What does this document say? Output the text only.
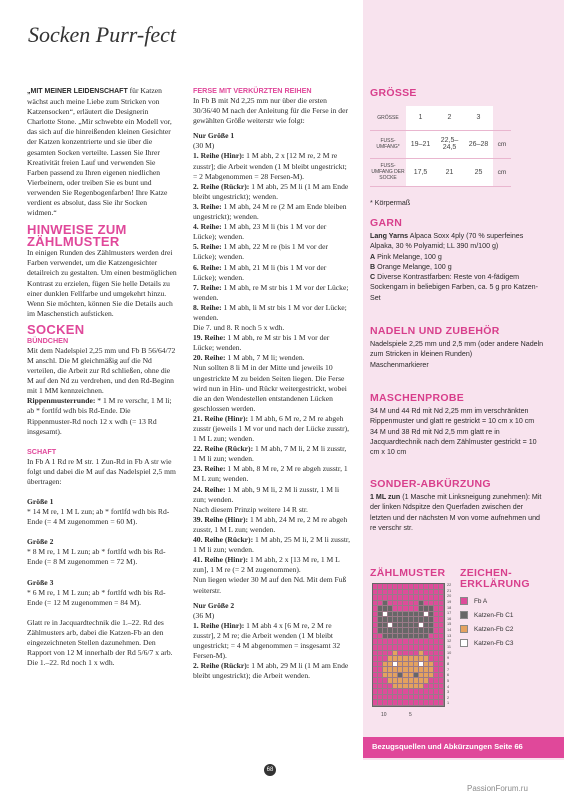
Socken Purr-fect

„MIT MEINER LEIDENSCHAFT für Katzen wächst auch meine Liebe zum Stricken von Katzensocken“, erläutert die Designerin Charlotte Stone. „Mir schwebte ein Modell vor, das sich auf die hinreißenden kleinen Gesichter der Katzen konzentrierte und sie über die gesamten Socken verteilte. Lassen Sie Ihrer Kreativität freien Lauf und verwenden Sie Farben passend zu Ihren eigenen niedlichen Vierbeinern, oder treiben Sie es bunt und verwenden Sie Regenbogenfarben! Ihre Katze verdient es absolut, dass Sie ihr Socken widmen.“

HINWEISE ZUM ZÄHLMUSTER

In einigen Runden des Zählmusters werden drei Farben verwendet, um die Katzengesichter detailreich zu gestalten. Um einen bestmöglichen Kontrast zu erzielen, fügen Sie helle Details zu einer dunklen Fellfarbe und umgekehrt hinzu. Wenn Sie möchten, können Sie die Details auch im Maschenstich aufsticken.

SOCKEN
BÜNDCHEN

Mit dem Nadelspiel 2,25 mm und Fb B 56/64/72 M anschl. Die M gleichmäßig auf die Nd verteilen, die Arbeit zur Rd schließen, ohne die M auf den Nd zu verdrehen, und den Rd-Beginn mit 1 MM kennzeichnen.

Rippenmusterrunde: * 1 M re verschr, 1 M li; ab * fortlfd wdh bis Rd-Ende. Die Rippenmuster-Rd noch 12 x wdh (= 13 Rd insgesamt).

SCHAFT

In Fb A 1 Rd re M str. 1 Zun-Rd in Fb A str wie folgt und dabei die M auf das Nadelspiel 2,5 mm übertragen:

Größe 1

* 14 M re, 1 M L zun; ab * fortlfd wdh bis Rd-Ende (= 4 M zugenommen = 60 M).

Größe 2

* 8 M re, 1 M L zun; ab * fortlfd wdh bis Rd-Ende (= 8 M zugenommen = 72 M).

Größe 3

* 6 M re, 1 M L zun; ab * fortlfd wdh bis Rd-Ende (= 12 M zugenommen = 84 M).

Glatt re in Jacquardtechnik die 1.–22. Rd des Zählmusters arb, dabei die Katzen-Fb an den eingezeichneten Stellen dazunehmen. Den Rapport von 12 M innerhalb der Rd 5/6/7 x arb. Die 1.–22. Rd noch 1 x wdh.

FERSE MIT VERKÜRZTEN REIHEN

In Fb B mit Nd 2,25 mm nur über die ersten 30/36/40 M nach der Anleitung für die Ferse in der gewählten Größe weiterstr wie folgt:

Nur Größe 1

(30 M)

1. Reihe (Hinr): 1 M abh, 2 x [12 M re, 2 M re zusstr]; die Arbeit wenden (1 M bleibt ungestrickt; = 2 Mabgenommen = 28 Fersen-M).

2. Reihe (Rückr): 1 M abh, 25 M li (1 M am Ende bleibt ungestrickt); wenden.

3. Reihe: 1 M abh, 24 M re (2 M am Ende bleiben ungestrickt); wenden.

4. Reihe: 1 M abh, 23 M li (bis 1 M vor der Lücke); wenden.

5. Reihe: 1 M abh, 22 M re (bis 1 M vor der Lücke); wenden.

6. Reihe: 1 M abh, 21 M li (bis 1 M vor der Lücke); wenden.

7. Reihe: 1 M abh, re M str bis 1 M vor der Lücke; wenden.

8. Reihe: 1 M abh, li M str bis 1 M vor der Lücke; wenden.

Die 7. und 8. R noch 5 x wdh.

19. Reihe: 1 M abh, re M str bis 1 M vor der Lücke; wenden.

20. Reihe: 1 M abh, 7 M li; wenden.

Nun sollten 8 li M in der Mitte und jeweils 10 ungestrickte M zu beiden Seiten liegen. Die Ferse wird nun in Hin- und Rückr weitergestrickt, wobei die an den Wendestellen entstandenen Lücken geschlossen werden.

21. Reihe (Hinr): 1 M abh, 6 M re, 2 M re abgeh zusstr (jeweils 1 M vor und nach der Lücke zusstr), 1 M L zun; wenden.

22. Reihe (Rückr): 1 M abh, 7 M li, 2 M li zusstr, 1 M li zun; wenden.

23. Reihe: 1 M abh, 8 M re, 2 M re abgeh zusstr, 1 M L zun; wenden.

24. Reihe: 1 M abh, 9 M li, 2 M li zusstr, 1 M li zun; wenden.

Nach diesem Prinzip weitere 14 R str.

39. Reihe (Hinr): 1 M abh, 24 M re, 2 M re abgeh zusstr, 1 M L zun; wenden.

40. Reihe (Rückr): 1 M abh, 25 M li, 2 M li zusstr, 1 M li zun; wenden.

41. Reihe (Hinr): 1 M abh, 2 x [13 M re, 1 M L zun], 1 M re (= 2 M zugenommen).

Nun liegen wieder 30 M auf den Nd. Mit dem Fuß weiterstr.

Nur Größe 2

(36 M)

1. Reihe (Hinr): 1 M abh 4 x [6 M re, 2 M re zusstr], 2 M re; die Arbeit wenden (1 M bleibt ungestrickt; = 4 M abgenommen = insgesamt 32 Fersen-M).

2. Reihe (Rückr): 1 M abh, 29 M li (1 M am Ende bleibt ungestrickt); die Arbeit wenden.

GRÖSSE
GRÖSSE	1	2	3	
FUSS-UMFANG*	19–21	22,5–24,5	26–28	cm
FUSS-UMFANG DER SOCKE	17,5	21	25	cm
* Körpermaß
GARN

Lang Yarns Alpaca Soxx 4ply (70 % superfeines Alpaka, 30 % Polyamid; LL 390 m/100 g)

A Pink Melange, 100 g

B Orange Melange, 100 g

C Diverse Kontrastfarben: Reste von 4-fädigem Sockengarn in beliebigen Farben, ca. 5 g pro Katzen-Set

NADELN UND ZUBEHÖR

Nadelspiele 2,25 mm und 2,5 mm (oder andere Nadeln zum Stricken in kleinen Runden)

Maschenmarkierer

MASCHENPROBE

34 M und 44 Rd mit Nd 2,25 mm im verschränkten Rippenmuster und glatt re gestrickt = 10 cm x 10 cm

34 M und 38 Rd mit Nd 2,5 mm glatt re in Jacquardtechnik nach dem Zählmuster gestrickt = 10 cm x 10 cm

SONDER-ABKÜRZUNG

1 ML zun (1 Masche mit Linksneigung zunehmen): Mit der linken Ndspitze den Querfaden zwischen der letzten und der nächsten M von vorne aufnehmen und re verschr str.

ZÄHLMUSTER	ZEICHEN-ERKLÄRUNG
22
21
20
19
18
17
16
15
14
13
12
11
10
9
8
7
6
5
4
3
2
1
10	5
Fb A
Katzen-Fb C1
Katzen-Fb C2
Katzen-Fb C3
Bezugsquellen und Abkürzungen Seite 66
68
PassionForum.ru
